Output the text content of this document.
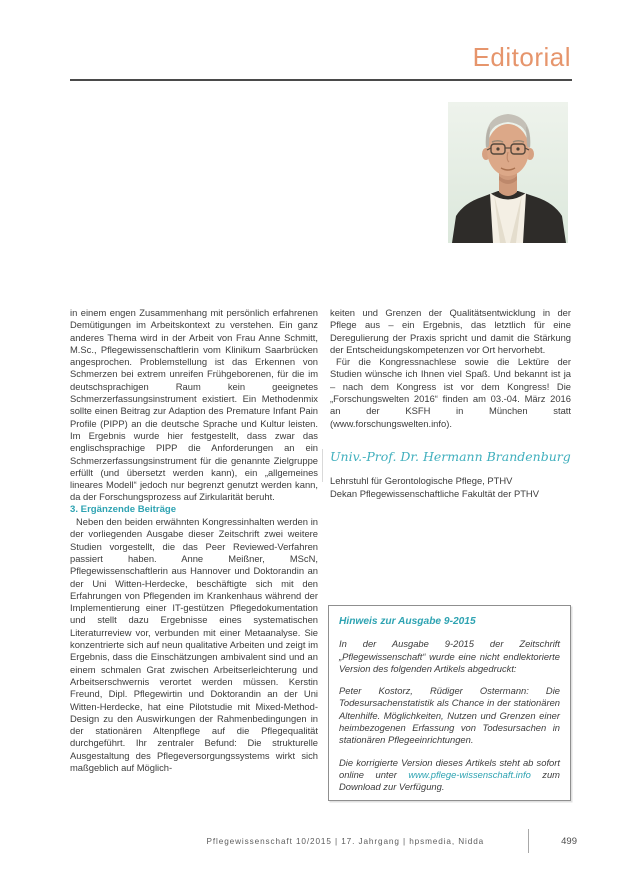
Editorial

in einem engen Zusammenhang mit persönlich erfahrenen Demütigungen im Arbeitskontext zu verstehen. Ein ganz anderes Thema wird in der Arbeit von Frau Anne Schmitt, M.Sc., Pflegewissenschaftlerin vom Klinikum Saarbrücken angesprochen. Problemstellung ist das Erkennen von Schmerzen bei extrem unreifen Frühgeborenen, für die im deutschsprachigen Raum kein geeignetes Schmerzerfassungsinstrument existiert. Ein Methodenmix sollte einen Beitrag zur Adaption des Premature Infant Pain Profile (PIPP) an die deutsche Sprache und Kultur leisten. Im Ergebnis wurde hier festgestellt, dass zwar das englischsprachige PIPP die Anforderungen an ein Schmerzerfassungsinstrument für die genannte Zielgruppe erfüllt (und übersetzt werden kann), ein „allgemeines lineares Modell“ jedoch nur begrenzt genutzt werden kann, da der Forschungsprozess auf Zirkularität beruht.

3. Ergänzende Beiträge

Neben den beiden erwähnten Kongressinhalten werden in der vorliegenden Ausgabe dieser Zeitschrift zwei weitere Studien vorgestellt, die das Peer Reviewed-Verfahren passiert haben. Anne Meißner, MScN, Pflegewissenschaftlerin aus Hannover und Doktorandin an der Uni Witten-Herdecke, beschäftigte sich mit den Erfahrungen von Pflegenden im Krankenhaus während der Implementierung einer IT-gestützen Pflegedokumentation und stellt dazu Ergebnisse eines systematischen Literaturreview vor, verbunden mit einer Metaanalyse. Sie konzentrierte sich auf neun qualitative Arbeiten und zeigt im Ergebnis, dass die Einschätzungen ambivalent sind und an einem schmalen Grat zwischen Arbeitserleichterung und Arbeitserschwernis verortet werden müssen. Kerstin Freund, Dipl. Pflegewirtin und Doktorandin an der Uni Witten-Herdecke, hat eine Pilotstudie mit Mixed-Method-Design zu den Auswirkungen der Rahmenbedingungen in der stationären Altenpflege auf die Pflegequalität durchgeführt. Ihr zentraler Befund: Die strukturelle Ausgestaltung des Pflegeversorgungssystems wirkt sich maßgeblich auf Möglich-

keiten und Grenzen der Qualitätsentwicklung in der Pflege aus – ein Ergebnis, das letztlich für eine Deregulierung der Praxis spricht und damit die Stärkung der Entscheidungskompetenzen vor Ort hervorhebt.

Für die Kongressnachlese sowie die Lektüre der Studien wünsche ich Ihnen viel Spaß. Und bekannt ist ja – nach dem Kongress ist vor dem Kongress! Die „Forschungswelten 2016“ finden am 03.-04. März 2016 an der KSFH in München statt (www.forschungswelten.info).

Univ.-Prof. Dr. Hermann Brandenburg

Lehrstuhl für Gerontologische Pflege, PTHV
Dekan Pflegewissenschaftliche Fakultät der PTHV

Hinweis zur Ausgabe 9-2015

In der Ausgabe 9-2015 der Zeitschrift „Pflegewissenschaft“ wurde eine nicht endlektorierte Version des folgenden Artikels abgedruckt:

Peter Kostorz, Rüdiger Ostermann: Die Todesursachenstatistik als Chance in der stationären Altenhilfe. Möglichkeiten, Nutzen und Grenzen einer heimbezogenen Erfassung von Todesursachen in stationären Pflegeeinrichtungen.

Die korrigierte Version dieses Artikels steht ab sofort online unter www.pflege-wissenschaft.info zum Download zur Verfügung.

Pflegewissenschaft 10/2015 | 17. Jahrgang | hpsmedia, Nidda	499
